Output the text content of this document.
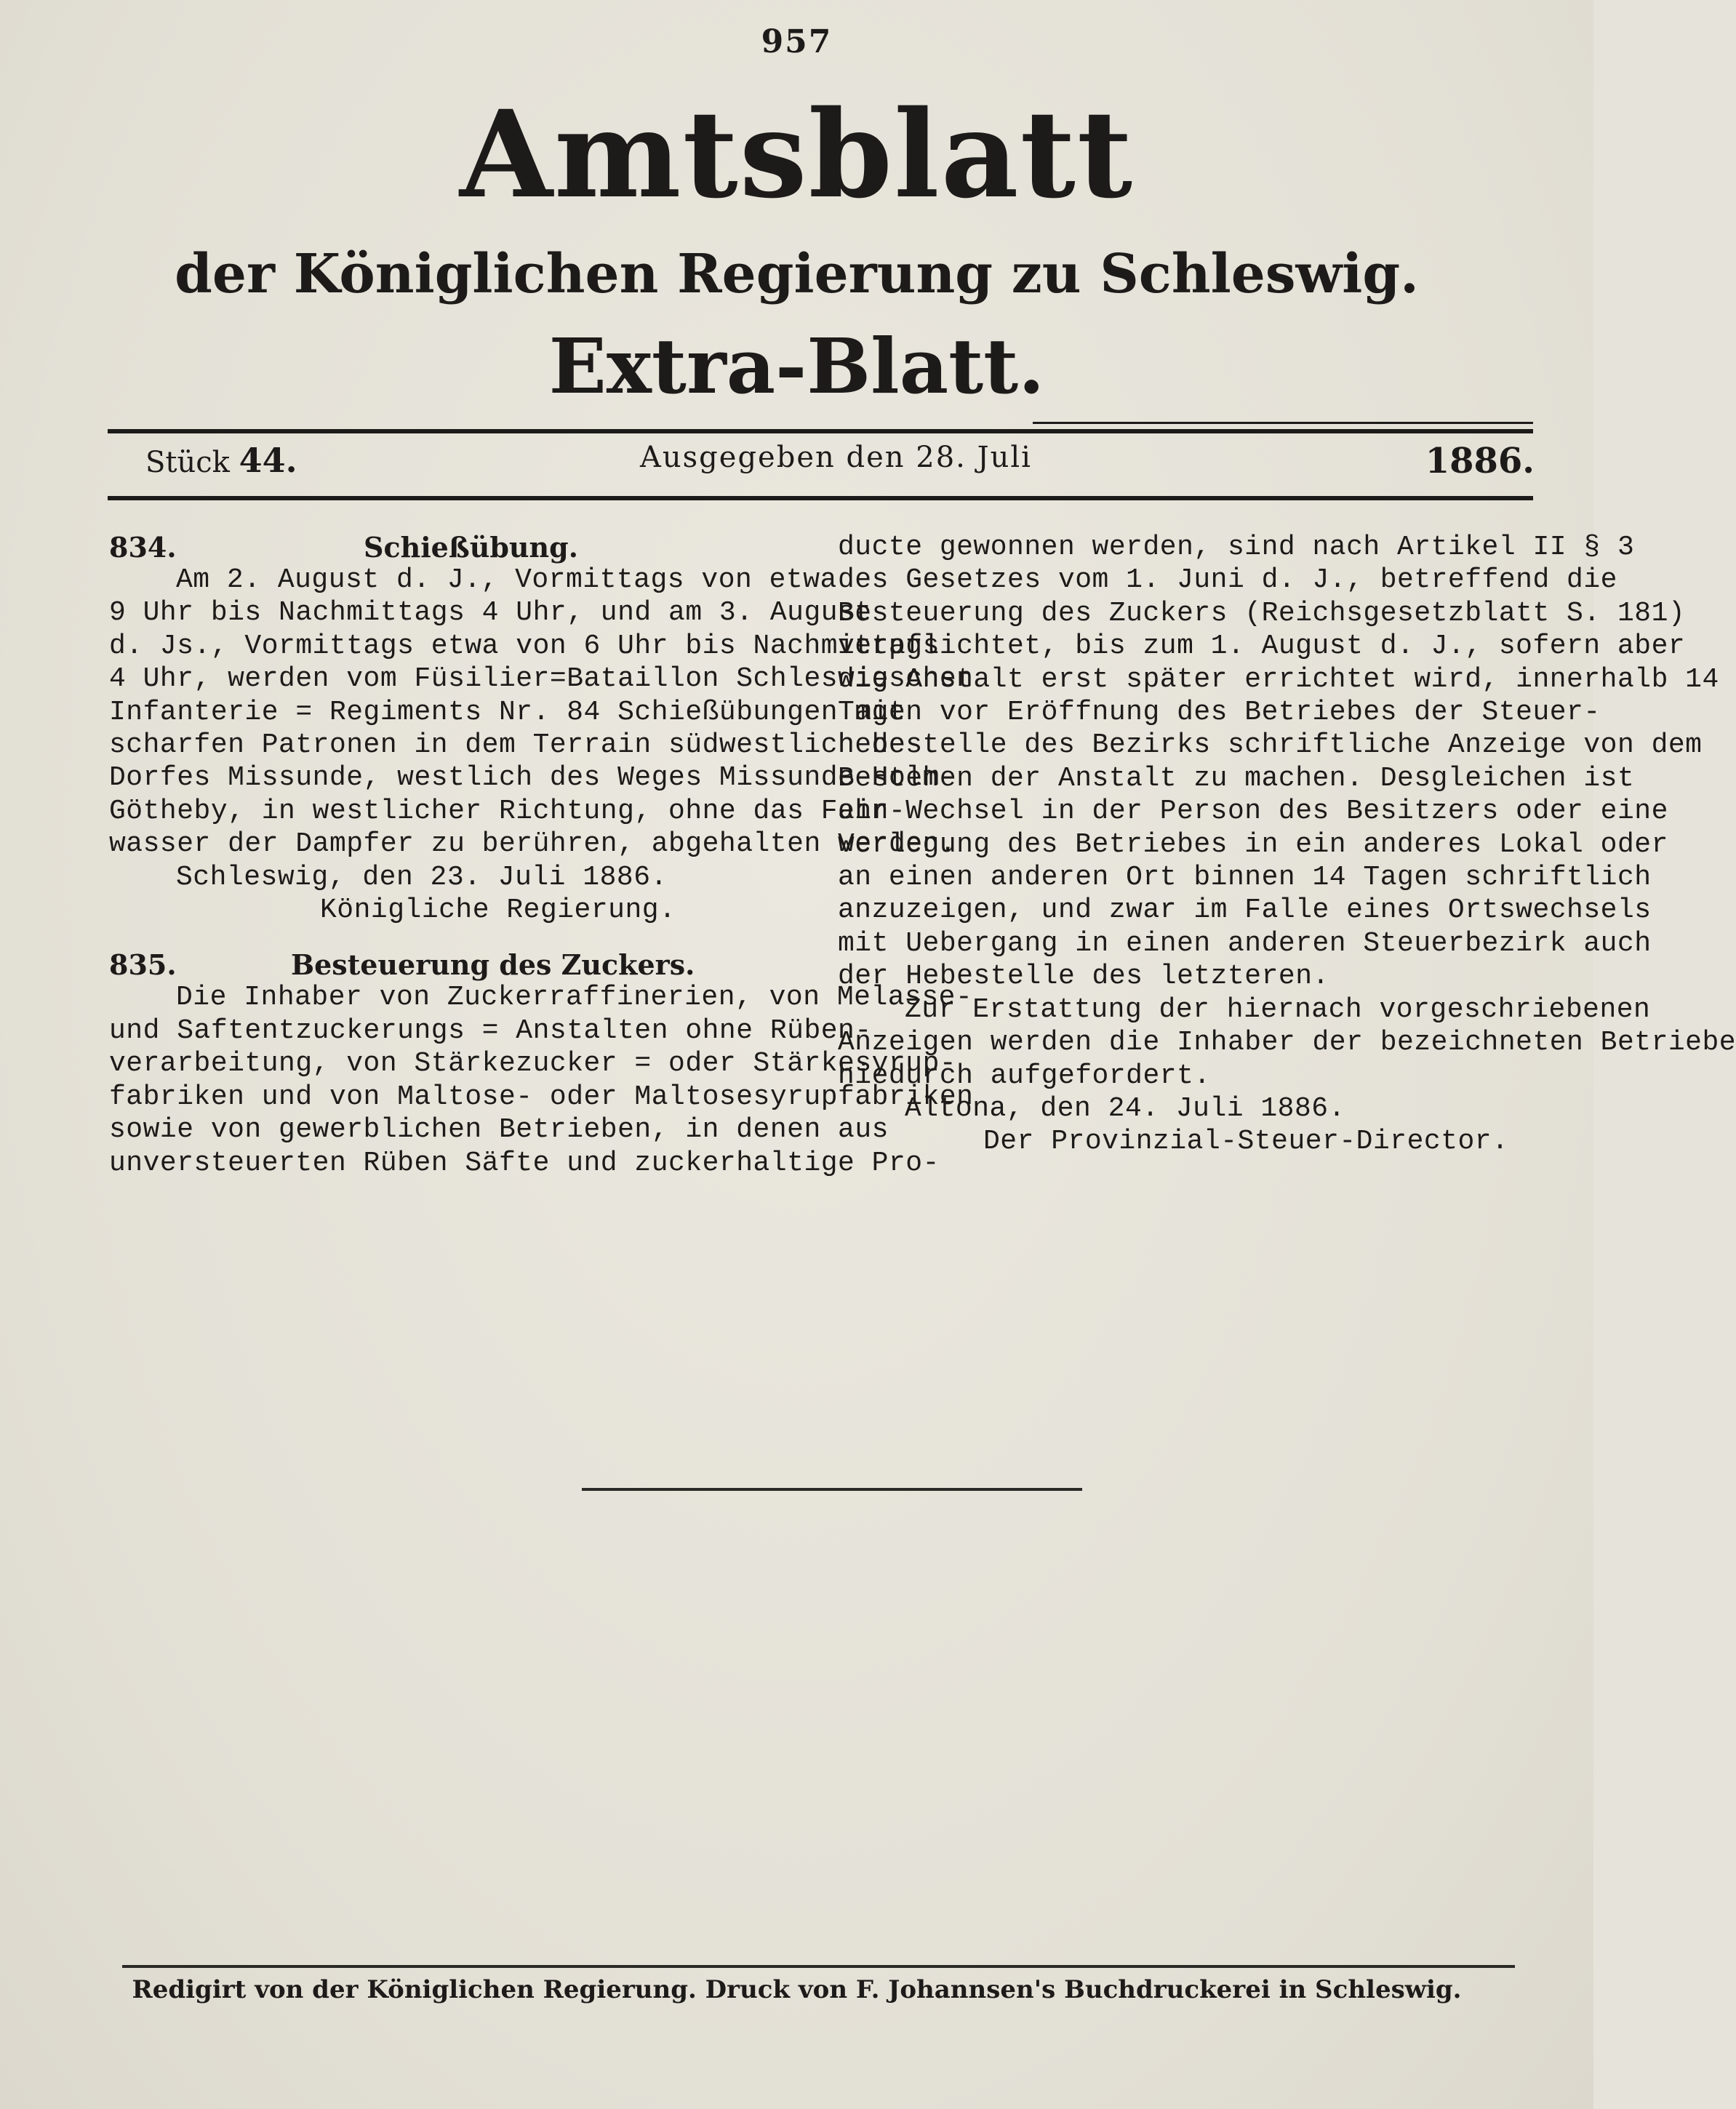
957
Amtsblatt
der Königlichen Regierung zu Schleswig.
Extra-Blatt.
Stück 44.	Ausgegeben den 28. Juli	1886.
834.	Schießübung.
Am 2. August d. J., Vormittags von etwa
9 Uhr bis Nachmittags 4 Uhr, und am 3. August
d. Js., Vormittags etwa von 6 Uhr bis Nachmittags
4 Uhr, werden vom Füsilier=Bataillon Schleswigschen
Infanterie = Regiments Nr. 84 Schießübungen mit
scharfen Patronen in dem Terrain südwestlich des
Dorfes Missunde, westlich des Weges Missunde-Holm-
Götheby, in westlicher Richtung, ohne das Fahr-
wasser der Dampfer zu berühren, abgehalten werden.
Schleswig, den 23. Juli 1886.
Königliche Regierung.
835.	Besteuerung des Zuckers.
Die Inhaber von Zuckerraffinerien, von Melasse-
und Saftentzuckerungs = Anstalten ohne Rüben-
verarbeitung, von Stärkezucker = oder Stärkesyrup-
fabriken und von Maltose- oder Maltosesyrupfabriken
sowie von gewerblichen Betrieben, in denen aus
unversteuerten Rüben Säfte und zuckerhaltige Pro-
ducte gewonnen werden, sind nach Artikel II § 3
des Gesetzes vom 1. Juni d. J., betreffend die
Besteuerung des Zuckers (Reichsgesetzblatt S. 181)
verpflichtet, bis zum 1. August d. J., sofern aber
die Anstalt erst später errichtet wird, innerhalb 14
Tagen vor Eröffnung des Betriebes der Steuer-
hebestelle des Bezirks schriftliche Anzeige von dem
Bestehen der Anstalt zu machen. Desgleichen ist
ein Wechsel in der Person des Besitzers oder eine
Verlegung des Betriebes in ein anderes Lokal oder
an einen anderen Ort binnen 14 Tagen schriftlich
anzuzeigen, und zwar im Falle eines Ortswechsels
mit Uebergang in einen anderen Steuerbezirk auch
der Hebestelle des letzteren.
Zur Erstattung der hiernach vorgeschriebenen
Anzeigen werden die Inhaber der bezeichneten Betriebe
hiedurch aufgefordert.
Altona, den 24. Juli 1886.
Der Provinzial-Steuer-Director.
Redigirt von der Königlichen Regierung. Druck von F. Johannsen's Buchdruckerei in Schleswig.
